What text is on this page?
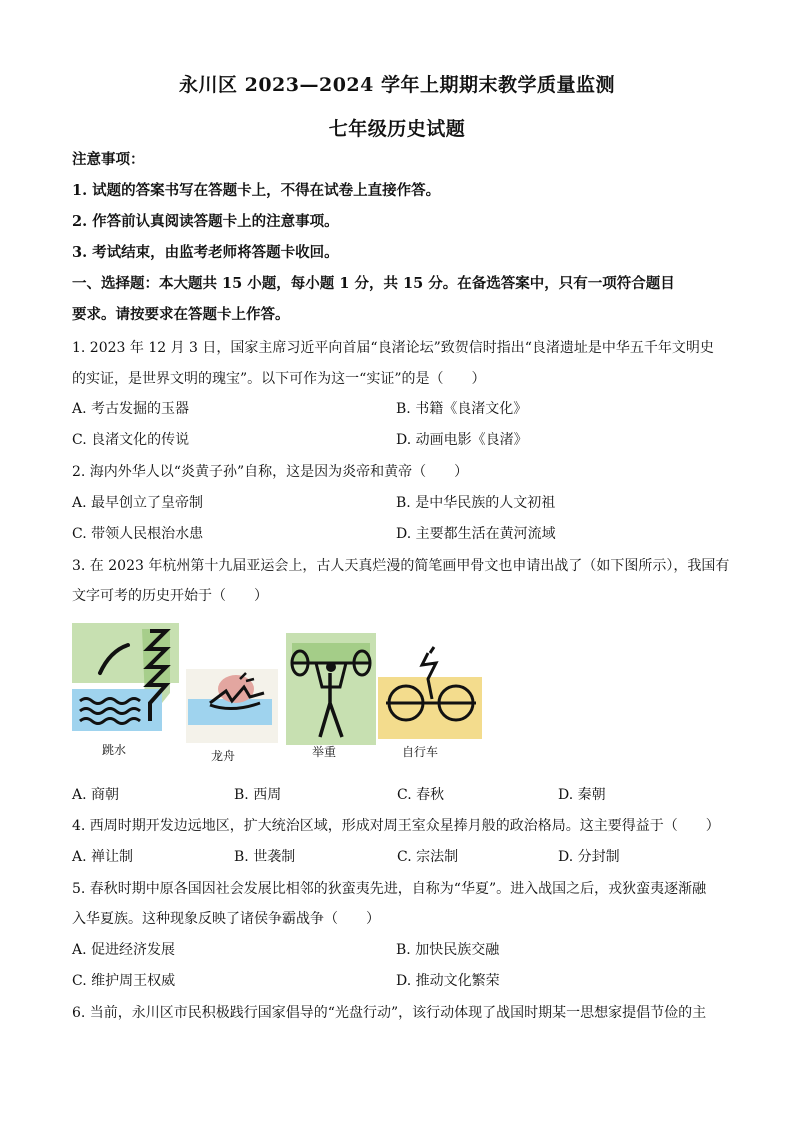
永川区 2023—2024 学年上期期末教学质量监测
七年级历史试题
注意事项：
1. 试题的答案书写在答题卡上，不得在试卷上直接作答。
2. 作答前认真阅读答题卡上的注意事项。
3. 考试结束，由监考老师将答题卡收回。
一、选择题：本大题共 15 小题，每小题 1 分，共 15 分。在备选答案中，只有一项符合题目
要求。请按要求在答题卡上作答。
1. 2023 年 12 月 3 日，国家主席习近平向首届“良渚论坛”致贺信时指出“良渚遗址是中华五千年文明史
的实证，是世界文明的瑰宝”。以下可作为这一“实证”的是（　　）
A. 考古发掘的玉器	B. 书籍《良渚文化》
C. 良渚文化的传说	D. 动画电影《良渚》
2. 海内外华人以“炎黄子孙”自称，这是因为炎帝和黄帝（　　）
A. 最早创立了皇帝制	B. 是中华民族的人文初祖
C. 带领人民根治水患	D. 主要都生活在黄河流域
3. 在 2023 年杭州第十九届亚运会上，古人天真烂漫的简笔画甲骨文也申请出战了（如下图所示），我国有
文字可考的历史开始于（　　）
跳水	龙舟	举重	自行车
A. 商朝	B. 西周	C. 春秋	D. 秦朝
4. 西周时期开发边远地区，扩大统治区域，形成对周王室众星捧月般的政治格局。这主要得益于（　　）
A. 禅让制	B. 世袭制	C. 宗法制	D. 分封制
5. 春秋时期中原各国因社会发展比相邻的狄蛮夷先进，自称为“华夏”。进入战国之后，戎狄蛮夷逐渐融
入华夏族。这种现象反映了诸侯争霸战争（　　）
A. 促进经济发展	B. 加快民族交融
C. 维护周王权威	D. 推动文化繁荣
6. 当前，永川区市民积极践行国家倡导的“光盘行动”，该行动体现了战国时期某一思想家提倡节俭的主
